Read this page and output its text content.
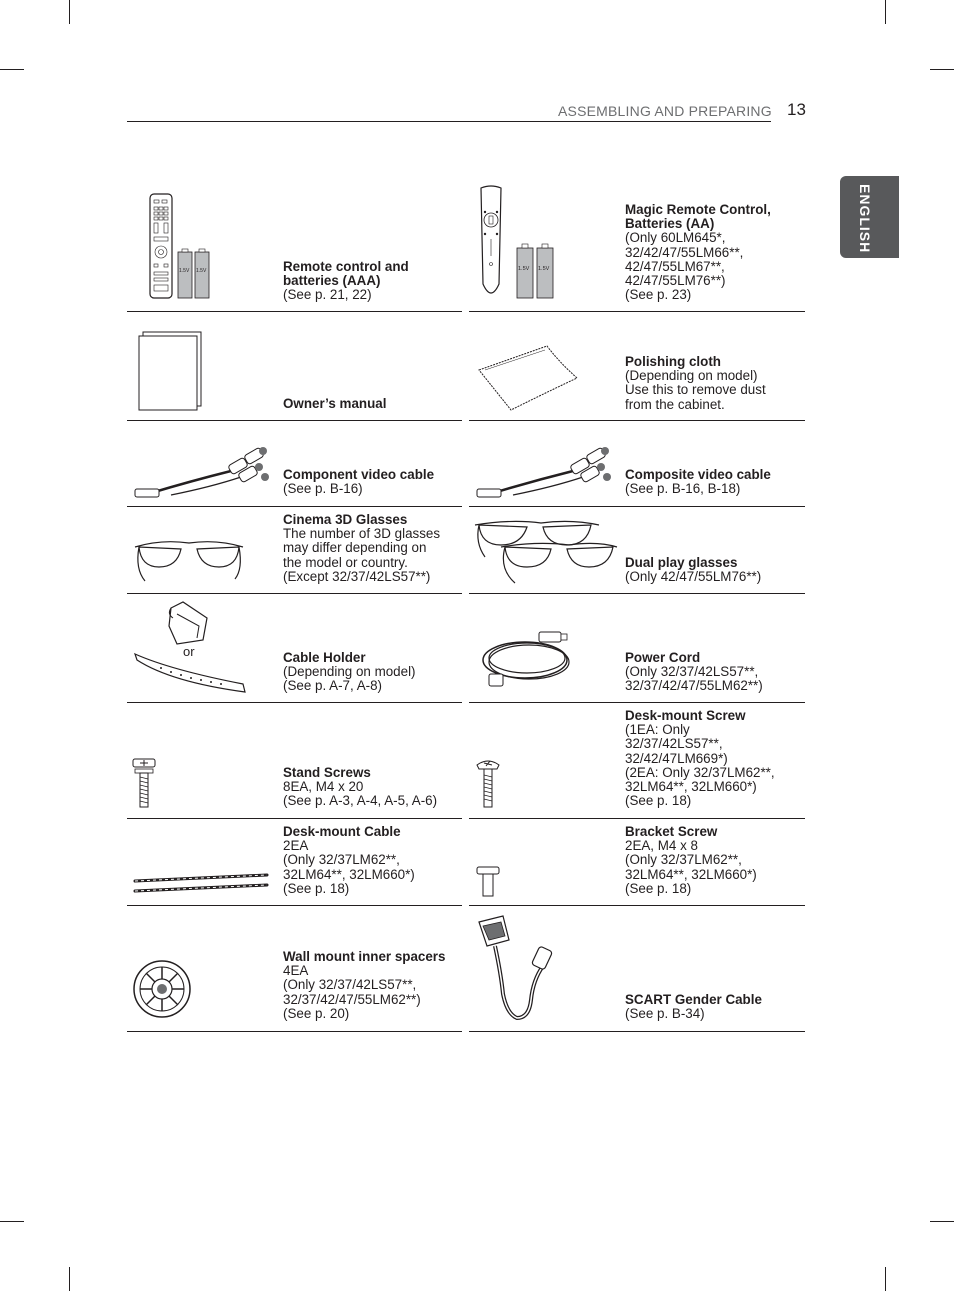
ASSEMBLING AND PREPARING 13
ENGLISH
1.5V 1.5V	Remote control and batteries (AAA)
(See p. 21, 22)
1.5V 1.5V
Magic Remote Control, Batteries (AA)
(Only 60LM645*,
32/42/47/55LM66**,
42/47/55LM67**,
42/47/55LM76**)
(See p. 23)
Owner’s manual
Polishing cloth
(Depending on model)
Use this to remove dust
from the cabinet.
Component video cable
(See p. B-16)
Composite video cable
(See p. B-16, B-18)
Cinema 3D Glasses
The number of 3D glasses
may differ depending on
the model or country.
(Except 32/37/42LS57**)
Dual play glasses
(Only 42/47/55LM76**)
or	Cable Holder
(Depending on model)
(See p. A-7, A-8)
Power Cord
(Only 32/37/42LS57**,
32/37/42/47/55LM62**)
Stand Screws
8EA, M4 x 20
(See p. A-3, A-4, A-5, A-6)
Desk-mount Screw
(1EA: Only
32/37/42LS57**,
32/42/47LM669*)
(2EA: Only 32/37LM62**,
32LM64**, 32LM660*)
(See p. 18)
Desk-mount Cable
2EA
(Only 32/37LM62**,
32LM64**, 32LM660*)
(See p. 18)
Bracket Screw
2EA, M4 x 8
(Only 32/37LM62**,
32LM64**, 32LM660*)
(See p. 18)
Wall mount inner spacers
4EA
(Only 32/37/42LS57**,
32/37/42/47/55LM62**)
(See p. 20)
SCART Gender Cable
(See p. B-34)
